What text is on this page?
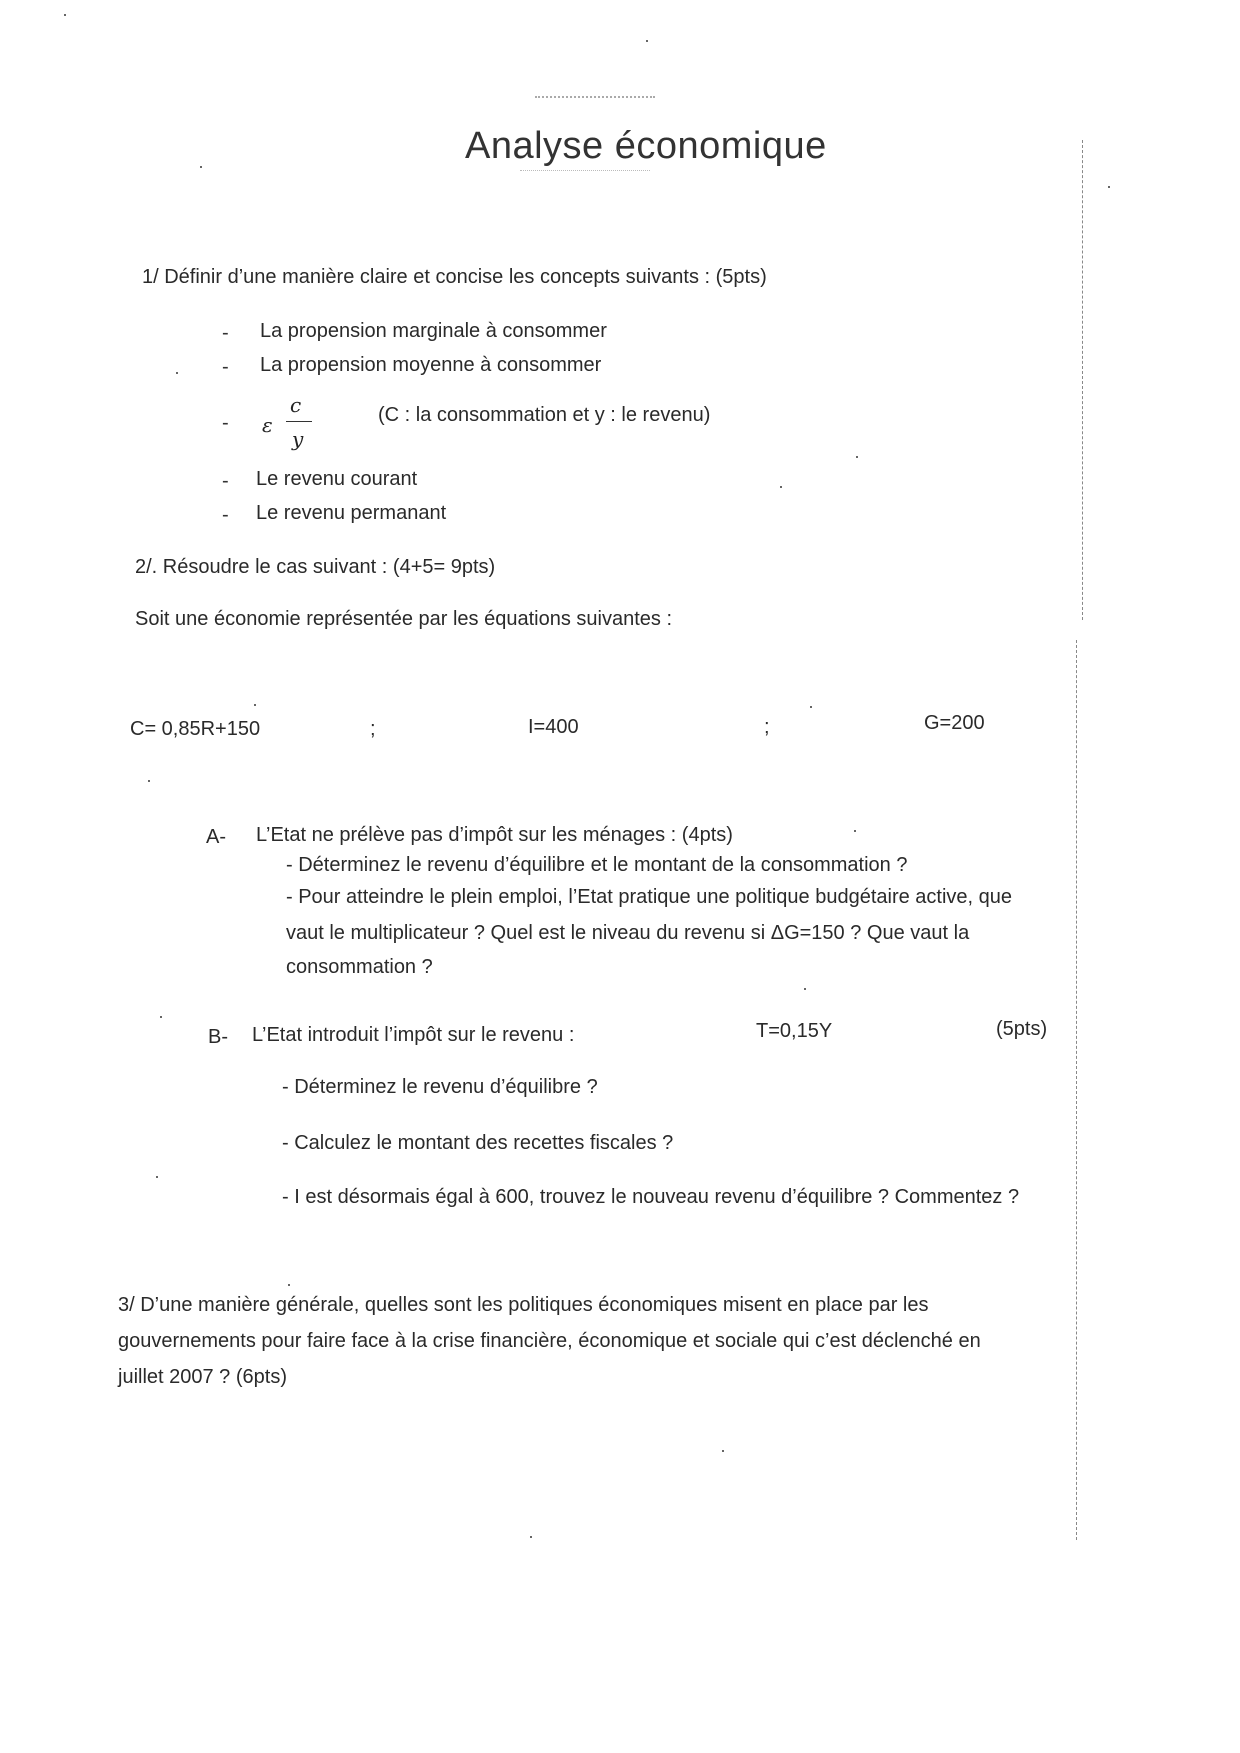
Analyse économique
1/ Définir d’une manière claire et concise les concepts suivants : (5pts)
- La propension marginale à consommer
- La propension moyenne à consommer
- ε
c
y
(C : la consommation et y : le revenu)
- Le revenu courant
- Le revenu permanant
2/. Résoudre le cas suivant : (4+5= 9pts)
Soit une économie représentée par les équations suivantes :
C= 0,85R+150	;	I=400	;	G=200
A- L’Etat ne prélève pas d’impôt sur les ménages : (4pts)
- Déterminez le revenu d’équilibre et le montant de la consommation ?
- Pour atteindre le plein emploi, l’Etat pratique une politique budgétaire active, que
vaut le multiplicateur ? Quel est le niveau du revenu si ΔG=150 ? Que vaut la
consommation ?
B- L’Etat introduit l’impôt sur le revenu :	T=0,15Y	(5pts)
- Déterminez le revenu d’équilibre ?
- Calculez le montant des recettes fiscales ?
- I est désormais égal à 600, trouvez le nouveau revenu d’équilibre ? Commentez ?
3/ D’une manière générale, quelles sont les politiques économiques misent en place par les
gouvernements pour faire face à la crise financière, économique et sociale qui c’est déclenché en
juillet 2007 ? (6pts)
